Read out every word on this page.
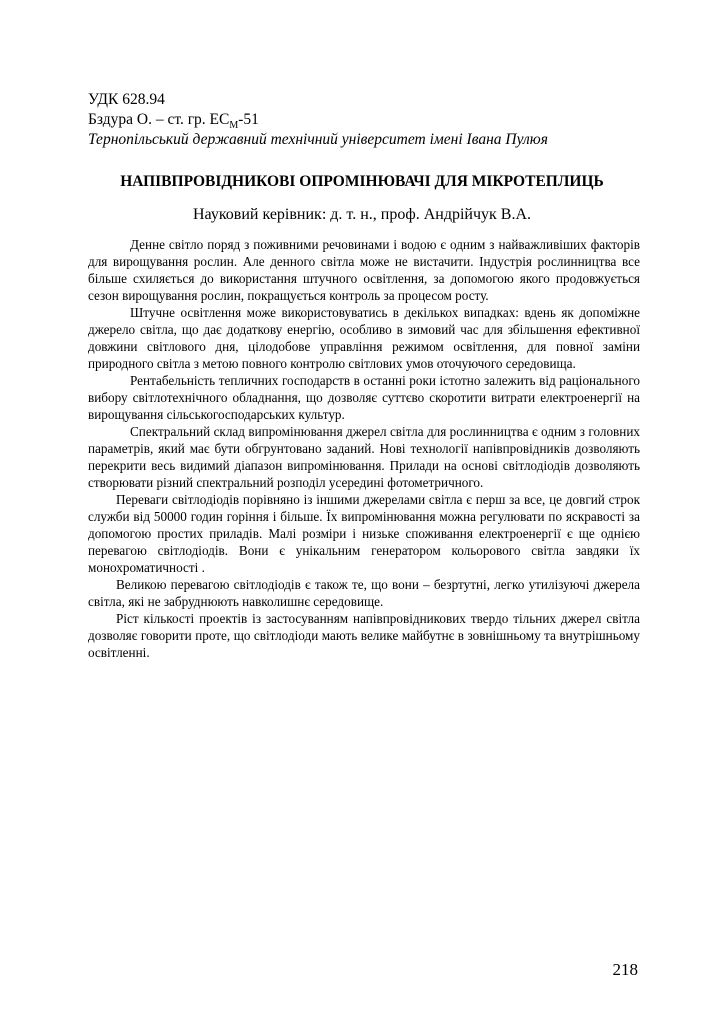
УДК 628.94
Бздура О. – ст. гр. $ЕС_М-51$
Тернопільський державний технічний університет імені Івана Пулюя
НАПІВПРОВІДНИКОВІ ОПРОМІНЮВАЧІ ДЛЯ МІКРОТЕПЛИЦЬ
Науковий керівник: д. т. н., проф. Андрійчук В.А.

Денне світло поряд з поживними речовинами і водою є одним з найважливіших факторів для вирощування рослин. Але денного світла може не вистачити. Індустрія рослинництва все більше схиляється до використання штучного освітлення, за допомогою якого продовжується сезон вирощування рослин, покращується контроль за процесом росту.

Штучне освітлення може використовуватись в декількох випадках: вдень як допоміжне джерело світла, що дає додаткову енергію, особливо в зимовий час для збільшення ефективної довжини світлового дня, цілодобове управління режимом освітлення, для повної заміни природного світла з метою повного контролю світлових умов оточуючого середовища.

Рентабельність тепличних господарств в останні роки істотно залежить від раціонального вибору світлотехнічного обладнання, що дозволяє суттєво скоротити витрати електроенергії на вирощування сільськогосподарських культур.

Спектральний склад випромінювання джерел світла для рослинництва є одним з головних параметрів, який має бути обгрунтовано заданий. Нові технології напівпровідників дозволяють перекрити весь видимий діапазон випромінювання. Прилади на основі світлодіодів дозволяють створювати різний спектральний розподіл усередині фотометричного.

Переваги світлодіодів порівняно із іншими джерелами світла є перш за все, це довгий строк служби від 50000 годин горіння і більше. Їх випромінювання можна регулювати по яскравості за допомогою простих приладів. Малі розміри і низьке споживання електроенергії є ще однією перевагою світлодіодів. Вони є унікальним генератором кольорового світла завдяки їх монохроматичності .

Великою перевагою світлодіодів є також те, що вони – безртутні, легко утилізуючі джерела світла, які не забруднюють навколишнє середовище.

Ріст кількості проектів із застосуванням напівпровідникових твердо тільних джерел світла дозволяє говорити проте, що світлодіоди мають велике майбутнє в зовнішньому та внутрішньому освітленні.

218
